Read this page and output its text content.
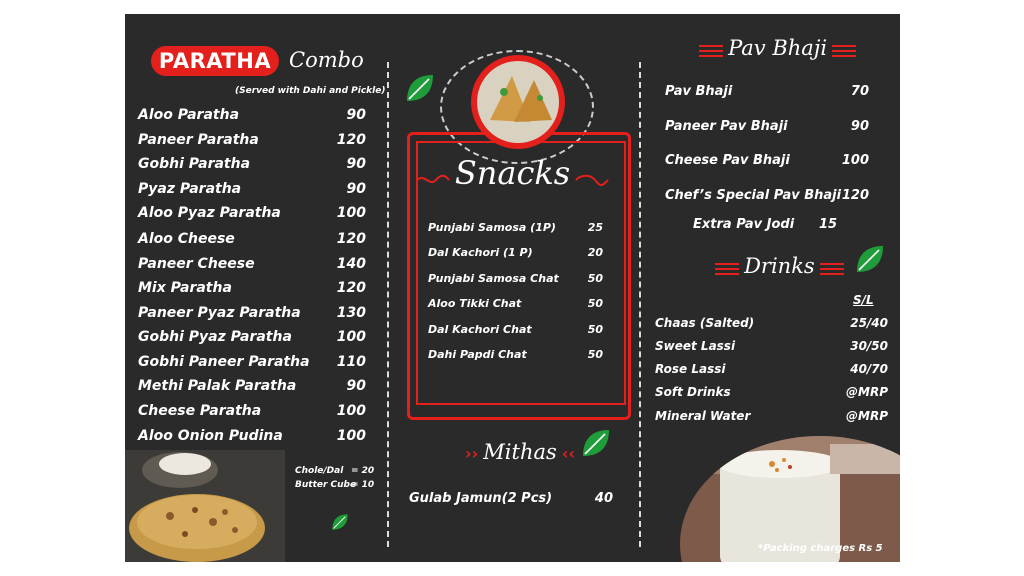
PARATHA Combo
(Served with Dahi and Pickle)
Aloo Paratha	90
Paneer Paratha	120
Gobhi Paratha	90
Pyaz Paratha	90
Aloo Pyaz Paratha	100
Aloo Cheese	120
Paneer Cheese	140
Mix Paratha	120
Paneer Pyaz Paratha	130
Gobhi Pyaz Paratha	100
Gobhi Paneer Paratha	110
Methi Palak Paratha	90
Cheese Paratha	100
Aloo Onion Pudina	100
Chole/Dal = 20
Butter Cube
= 10
Snacks
Punjabi Samosa (1P)	25
Dal Kachori (1 P)	20
Punjabi Samosa Chat	50
Aloo Tikki Chat	50
Dal Kachori Chat	50
Dahi Papdi Chat	50
›› Mithas ‹‹
Gulab Jamun(2 Pcs)	40
Pav Bhaji
Pav Bhaji	70
Paneer Pav Bhaji	90
Cheese Pav Bhaji	100
Chef’s Special Pav Bhaji 120
Extra Pav Jodi 15
Drinks
S/L
Chaas (Salted)	25/40
Sweet Lassi	30/50
Rose Lassi	40/70
Soft Drinks	@MRP
Mineral Water	@MRP
*Packing charges Rs 5
